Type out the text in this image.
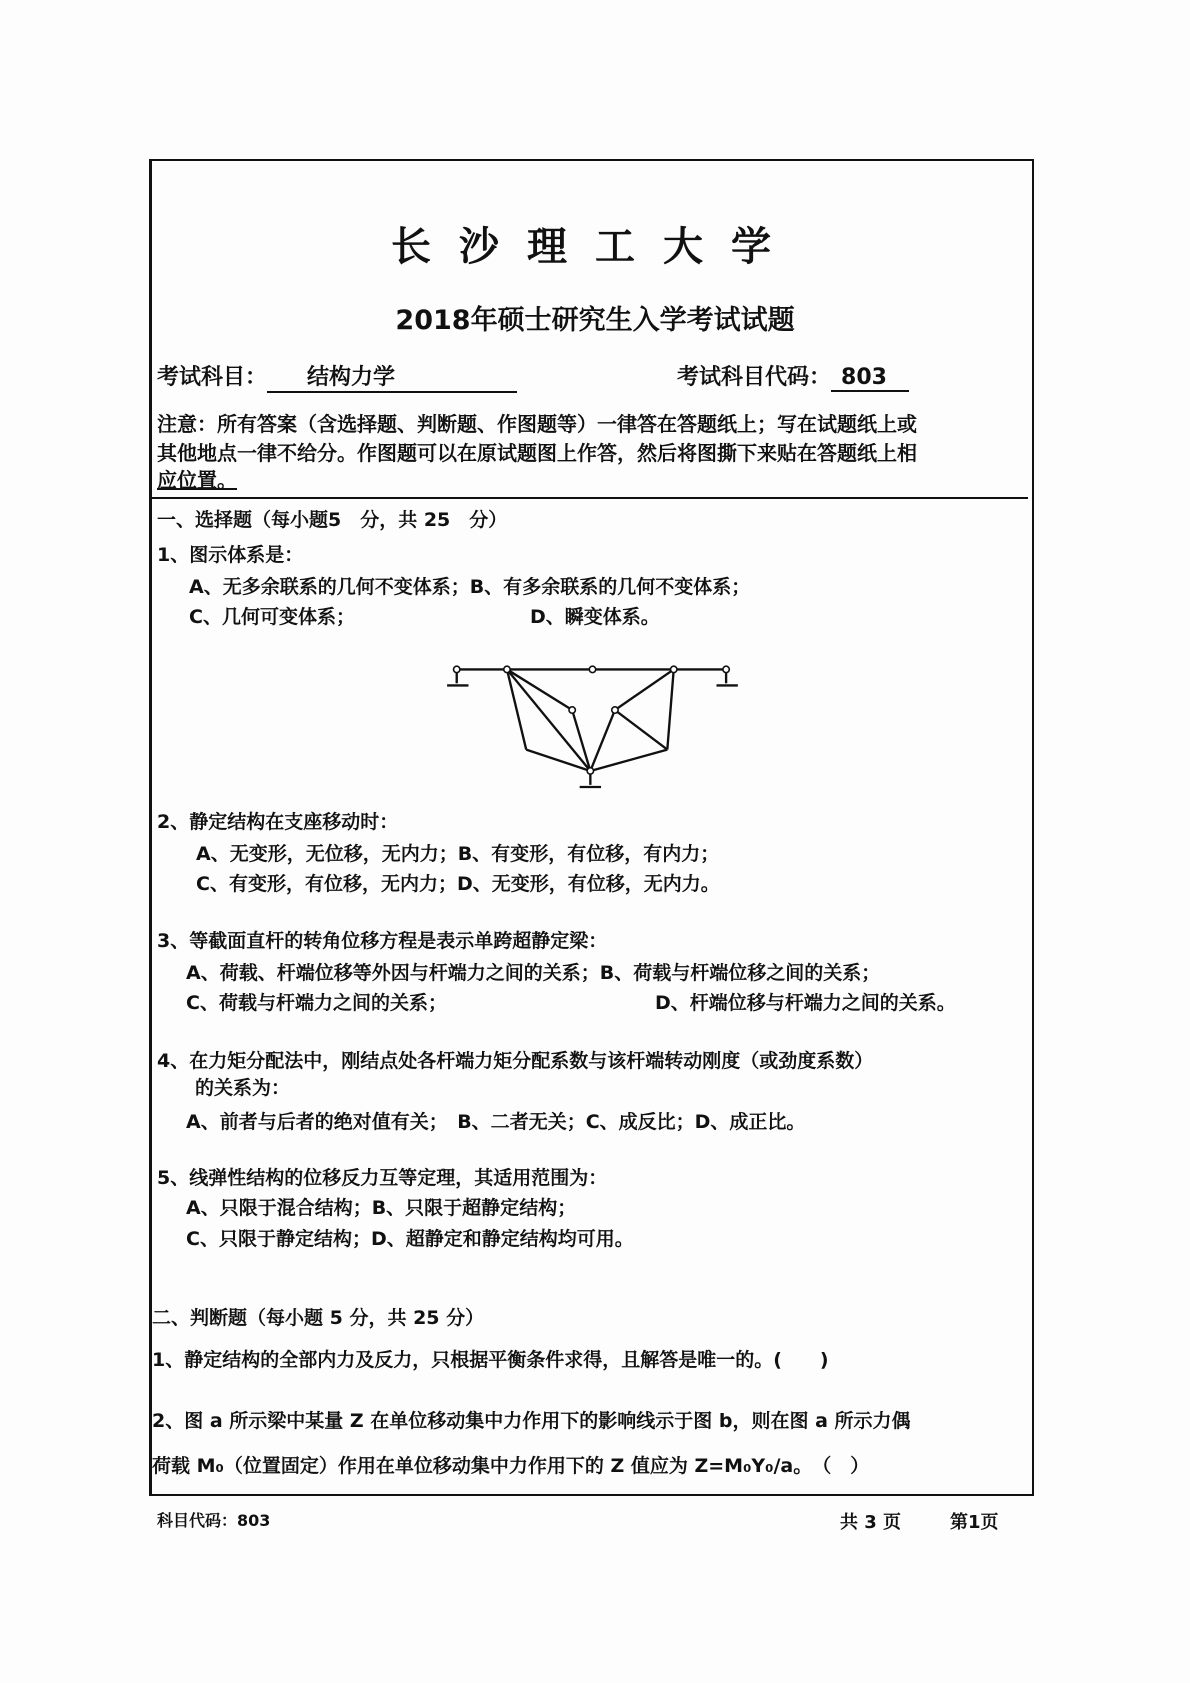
长沙理工大学
2018年硕士研究生入学考试试题
考试科目： 结构力学	考试科目代码： 803
注意：所有答案（含选择题、判断题、作图题等）一律答在答题纸上；写在试题纸上或
其他地点一律不给分。作图题可以在原试题图上作答，然后将图撕下来贴在答题纸上相
应位置。
一、选择题（每小题5　分，共 25　分）
1、图示体系是：
A、无多余联系的几何不变体系；B、有多余联系的几何不变体系；
C、几何可变体系；	D、瞬变体系。
2、静定结构在支座移动时：
A、无变形，无位移，无内力；B、有变形，有位移，有内力；
C、有变形，有位移，无内力；D、无变形，有位移，无内力。
3、等截面直杆的转角位移方程是表示单跨超静定梁：
A、荷载、杆端位移等外因与杆端力之间的关系；B、荷载与杆端位移之间的关系；
C、荷载与杆端力之间的关系；	D、杆端位移与杆端力之间的关系。
4、在力矩分配法中，刚结点处各杆端力矩分配系数与该杆端转动刚度（或劲度系数）
的关系为：
A、前者与后者的绝对值有关；　B、二者无关；C、成反比；D、成正比。
5、线弹性结构的位移反力互等定理，其适用范围为：
A、只限于混合结构；B、只限于超静定结构；
C、只限于静定结构；D、超静定和静定结构均可用。
二、判断题（每小题 5 分，共 25 分）
1、静定结构的全部内力及反力，只根据平衡条件求得，且解答是唯一的。(　　)
2、图 a 所示梁中某量 Z 在单位移动集中力作用下的影响线示于图 b，则在图 a 所示力偶
荷载 M₀（位置固定）作用在单位移动集中力作用下的 Z 值应为 Z=M₀Y₀/a。　（　）
科目代码：803	共 3 页	第1页
